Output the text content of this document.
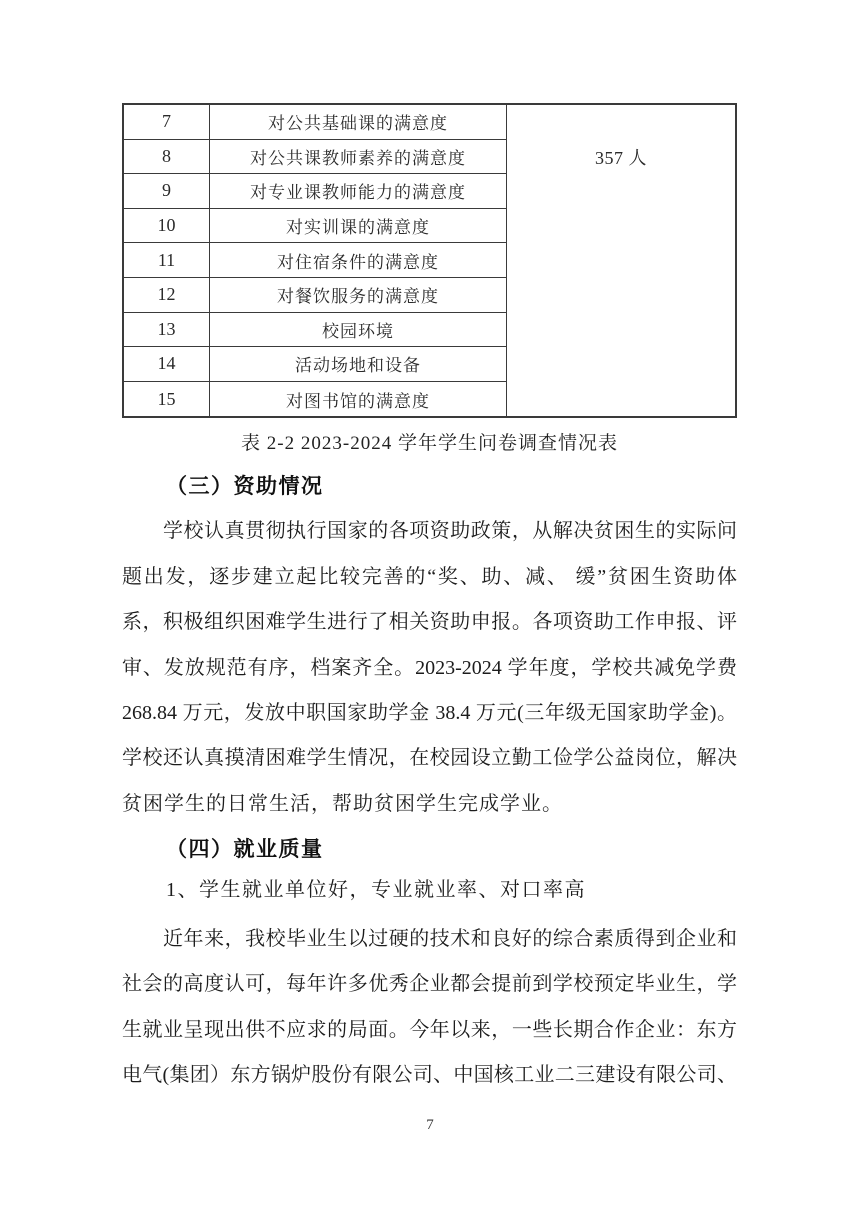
7	对公共基础课的满意度
8	对公共课教师素养的满意度
9	对专业课教师能力的满意度
10	对实训课的满意度
11	对住宿条件的满意度
12	对餐饮服务的满意度
13	校园环境
14	活动场地和设备
15	对图书馆的满意度
357 人
表 2-2 2023-2024 学年学生问卷调查情况表
（三）资助情况
　　学校认真贯彻执行国家的各项资助政策，从解决贫困生的实际问
题出发，逐步建立起比较完善的“奖、助、减、 缓”贫困生资助体
系，积极组织困难学生进行了相关资助申报。各项资助工作申报、评
审、发放规范有序，档案齐全。2023-2024 学年度，学校共减免学费
268.84 万元，发放中职国家助学金 38.4 万元(三年级无国家助学金)。
学校还认真摸清困难学生情况，在校园设立勤工俭学公益岗位，解决
贫困学生的日常生活，帮助贫困学生完成学业。
（四）就业质量
1、学生就业单位好，专业就业率、对口率高
　　近年来，我校毕业生以过硬的技术和良好的综合素质得到企业和
社会的高度认可，每年许多优秀企业都会提前到学校预定毕业生，学
生就业呈现出供不应求的局面。今年以来，一些长期合作企业：东方
电气(集团）东方锅炉股份有限公司、中国核工业二三建设有限公司、
7
